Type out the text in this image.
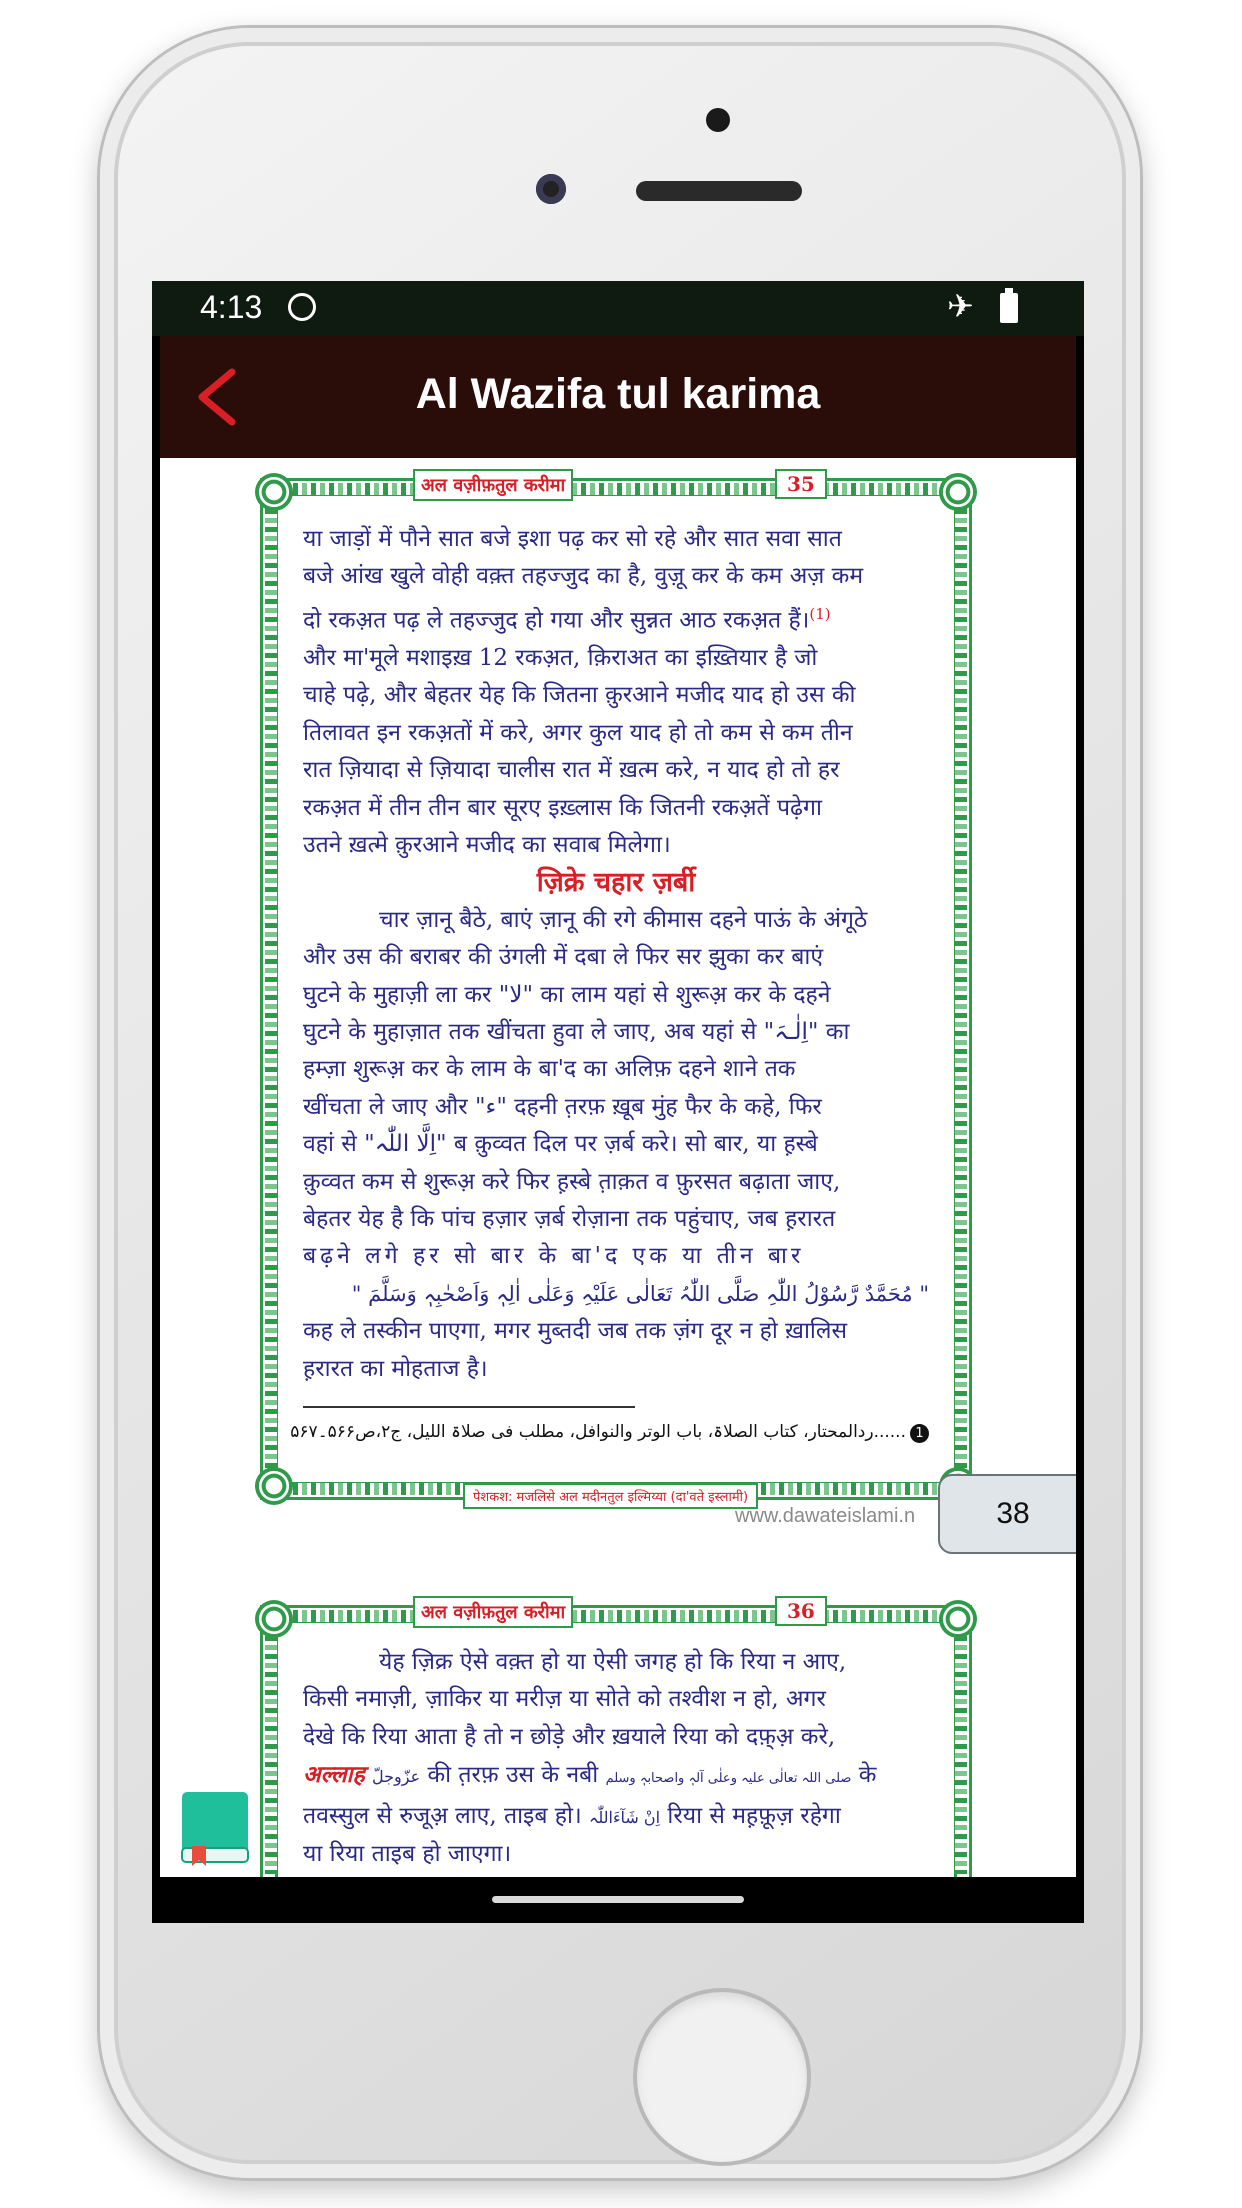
4:13	✈
Al Wazifa tul karima
अल वज़ीफ़तुल करीमा	35

या जाड़ों में पौने सात बजे इशा पढ़ कर सो रहे और सात सवा सात

बजे आंख खुले वोही वक़्त तहज्जुद का है, वुज़ू कर के कम अज़ कम

दो रकअ़त पढ़ ले तहज्जुद हो गया और सुन्नत आठ रकअ़त हैं।$^{(1)}$

और मा'मूले मशाइख़ 12 रकअ़त, क़िराअत का इख़्तियार है जो

चाहे पढ़े, और बेहतर येह कि जितना क़ुरआने मजीद याद हो उस की

तिलावत इन रकअ़तों में करे, अगर कुल याद हो तो कम से कम तीन

रात ज़ियादा से ज़ियादा चालीस रात में ख़त्म करे, न याद हो तो हर

रकअ़त में तीन तीन बार सूरए इख़्लास कि जितनी रकअ़तें पढ़ेगा

उतने ख़त्मे क़ुरआने मजीद का सवाब मिलेगा।

ज़िक्रे चहार ज़र्बी

चार ज़ानू बैठे, बाएं ज़ानू की रगे कीमास दहने पाऊं के अंगूठे

और उस की बराबर की उंगली में दबा ले फिर सर झुका कर बाएं

घुटने के मुहाज़ी ला कर "لا" का लाम यहां से शुरूअ़ कर के दहने

घुटने के मुहाज़ात तक खींचता हुवा ले जाए, अब यहां से "اِلٰـہَ" का

हम्ज़ा शुरूअ़ कर के लाम के बा'द का अलिफ़ दहने शाने तक

खींचता ले जाए और "ء" दहनी त़रफ़ ख़ूब मुंह फैर के कहे, फिर

वहां से "اِلَّا اللّٰہ" ब क़ुव्वत दिल पर ज़र्ब करे। सो बार, या ह़स्बे

क़ुव्वत कम से शुरूअ़ करे फिर ह़स्बे त़ाक़त व फ़ुरसत बढ़ाता जाए,

बेहतर येह है कि पांच हज़ार ज़र्ब रोज़ाना तक पहुंचाए, जब ह़रारत

बढ़ने लगे हर सो बार के बा'द एक या तीन बार

" مُحَمَّدٌ رَّسُوْلُ اللّٰہِ صَلَّی اللّٰہُ تَعَالٰی عَلَیْہِ وَعَلٰی اٰلِہٖ وَاَصْحٰبِہٖ وَسَلَّمَ "

कह ले तस्कीन पाएगा, मगर मुब्तदी जब तक ज़ंग दूर न हो ख़ालिस

ह़रारत का मोहताज है।

1......ردالمحتار، کتاب الصلاۃ، باب الوتر والنوافل، مطلب فی صلاۃ اللیل، ج۲،ص۵۶۶۔۵۶۷
पेशकश: मजलिसे अल मदीनतुल इल्मिय्या (दा'वते इस्लामी)
www.dawateislami.n	38
अल वज़ीफ़तुल करीमा	36

येह ज़िक्र ऐसे वक़्त हो या ऐसी जगह हो कि रिया न आए,

किसी नमाज़ी, ज़ाकिर या मरीज़ या सोते को तश्वीश न हो, अगर

देखे कि रिया आता है तो न छोड़े और ख़याले रिया को दफ़्अ़ करे,

अल्लाह عزّوجلّ की त़रफ़ उस के नबी صلی اللہ تعالٰی علیہ وعلٰی آلہٖ واصحابہٖ وسلم के

तवस्सुल से रुजूअ़ लाए, ताइब हो। اِنْ شَآءَاللّٰہ रिया से मह़फ़ूज़ रहेगा

या रिया ताइब हो जाएगा।
